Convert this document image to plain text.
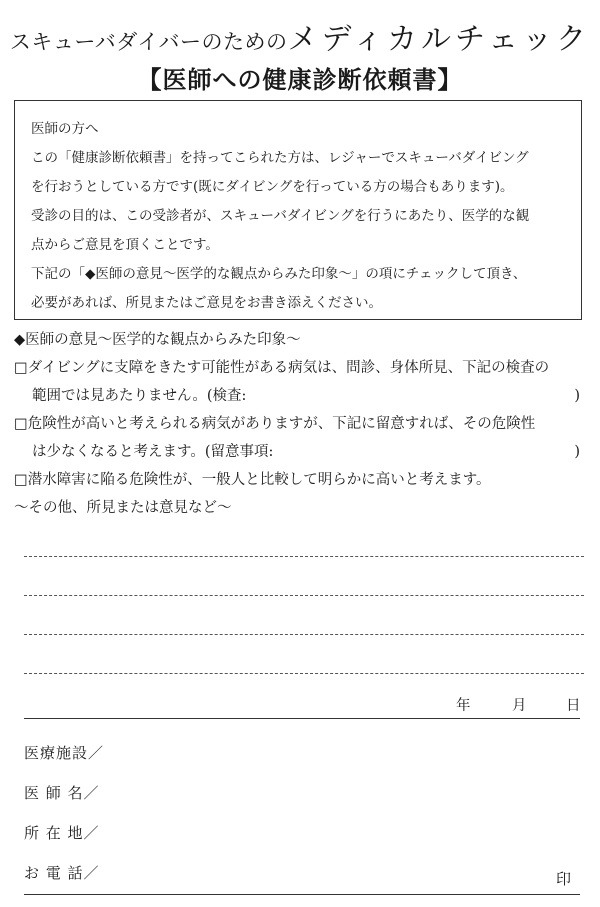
スキューバダイバーのためのメディカルチェック
【医師への健康診断依頼書】

医師の方へ

この「健康診断依頼書」を持ってこられた方は、レジャーでスキューバダイビング

を行おうとしている方です(既にダイビングを行っている方の場合もあります)。

受診の目的は、この受診者が、スキューバダイビングを行うにあたり、医学的な観

点からご意見を頂くことです。

下記の「◆医師の意見〜医学的な観点からみた印象〜」の項にチェックして頂き、

必要があれば、所見またはご意見をお書き添えください。

◆医師の意見〜医学的な観点からみた印象〜

□ダイビングに支障をきたす可能性がある病気は、問診、身体所見、下記の検査の

範囲では見あたりません。(検査:	)

□危険性が高いと考えられる病気がありますが、下記に留意すれば、その危険性

は少なくなると考えます。(留意事項:	)

□潜水障害に陥る危険性が、一般人と比較して明らかに高いと考えます。

〜その他、所見または意見など〜

年	月	日
医療施設／
医 師 名／
所 在 地／
お 電 話／	印
